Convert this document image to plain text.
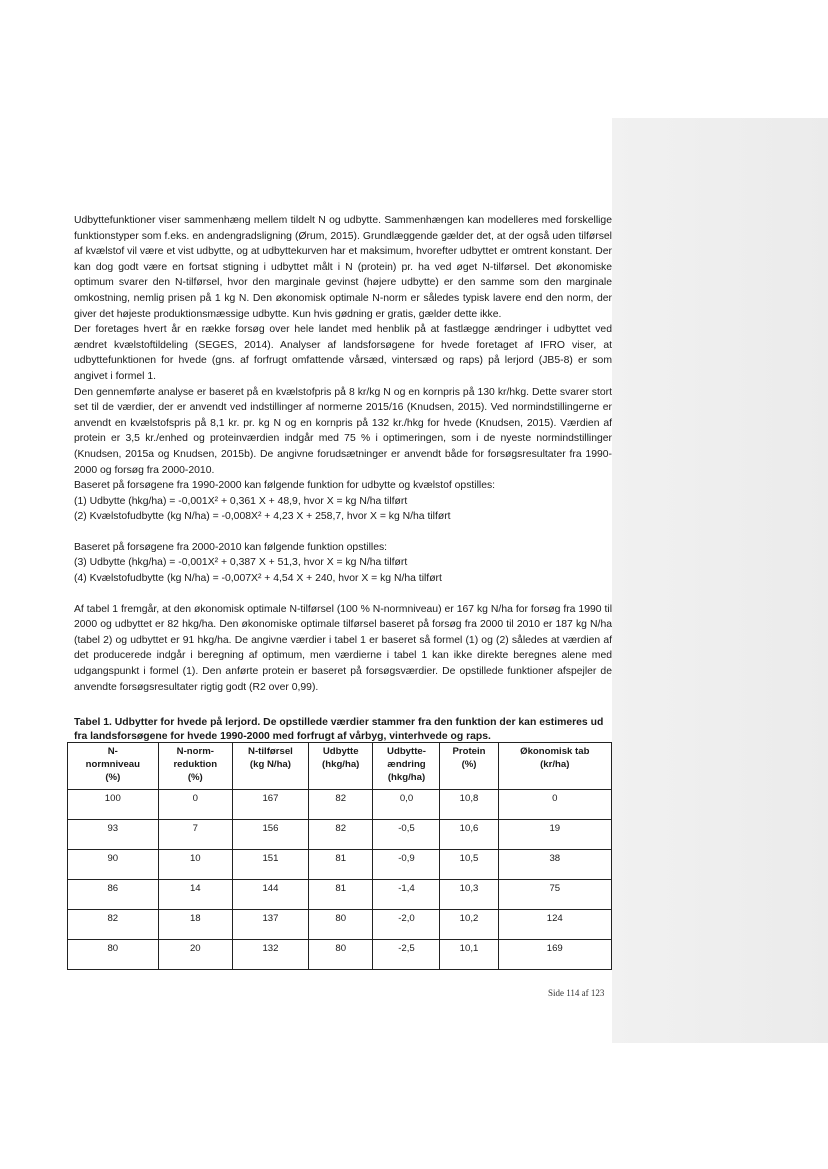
Udbyttefunktioner viser sammenhæng mellem tildelt N og udbytte. Sammenhængen kan modelleres med forskellige funktionstyper som f.eks. en andengradsligning (Ørum, 2015). Grundlæggende gælder det, at der også uden tilførsel af kvælstof vil være et vist udbytte, og at udbyttekurven har et maksimum, hvorefter udbyttet er omtrent konstant. Der kan dog godt være en fortsat stigning i udbyttet målt i N (protein) pr. ha ved øget N-tilførsel. Det økonomiske optimum svarer den N-tilførsel, hvor den marginale gevinst (højere udbytte) er den samme som den marginale omkostning, nemlig prisen på 1 kg N. Den økonomisk optimale N-norm er således typisk lavere end den norm, der giver det højeste produktionsmæssige udbytte. Kun hvis gødning er gratis, gælder dette ikke.

Der foretages hvert år en række forsøg over hele landet med henblik på at fastlægge ændringer i udbyttet ved ændret kvælstoftildeling (SEGES, 2014). Analyser af landsforsøgene for hvede foretaget af IFRO viser, at udbyttefunktionen for hvede (gns. af forfrugt omfattende vårsæd, vintersæd og raps) på lerjord (JB5-8) er som angivet i formel 1.

Den gennemførte analyse er baseret på en kvælstofpris på 8 kr/kg N og en kornpris på 130 kr/hkg. Dette svarer stort set til de værdier, der er anvendt ved indstillinger af normerne 2015/16 (Knudsen, 2015). Ved normindstillingerne er anvendt en kvælstofspris på 8,1 kr. pr. kg N og en kornpris på 132 kr./hkg for hvede (Knudsen, 2015). Værdien af protein er 3,5 kr./enhed og proteinværdien indgår med 75 % i optimeringen, som i de nyeste normindstillinger (Knudsen, 2015a og Knudsen, 2015b). De angivne forudsætninger er anvendt både for forsøgsresultater fra 1990-2000 og forsøg fra 2000-2010.

Baseret på forsøgene fra 1990-2000 kan følgende funktion for udbytte og kvælstof opstilles:

(1) Udbytte (hkg/ha) = -0,001X² + 0,361 X + 48,9, hvor X = kg N/ha tilført

(2) Kvælstofudbytte (kg N/ha) = -0,008X² + 4,23 X + 258,7, hvor X = kg N/ha tilført

Baseret på forsøgene fra 2000-2010 kan følgende funktion opstilles:

(3) Udbytte (hkg/ha) = -0,001X² + 0,387 X + 51,3, hvor X = kg N/ha tilført

(4) Kvælstofudbytte (kg N/ha) = -0,007X² + 4,54 X + 240, hvor X = kg N/ha tilført

Af tabel 1 fremgår, at den økonomisk optimale N-tilførsel (100 % N-normniveau) er 167 kg N/ha for forsøg fra 1990 til 2000 og udbyttet er 82 hkg/ha. Den økonomiske optimale tilførsel baseret på forsøg fra 2000 til 2010 er 187 kg N/ha (tabel 2) og udbyttet er 91 hkg/ha. De angivne værdier i tabel 1 er baseret så formel (1) og (2) således at værdien af det producerede indgår i beregning af optimum, men værdierne i tabel 1 kan ikke direkte beregnes alene med udgangspunkt i formel (1). Den anførte protein er baseret på forsøgsværdier. De opstillede funktioner afspejler de anvendte forsøgsresultater rigtig godt (R2 over 0,99).

Tabel 1. Udbytter for hvede på lerjord. De opstillede værdier stammer fra den funktion der kan estimeres ud fra landsforsøgene for hvede 1990-2000 med forfrugt af vårbyg, vinterhvede og raps.
N-
normniveau
(%)	N-norm-
reduktion
(%)	N-tilførsel
(kg N/ha)	Udbytte
(hkg/ha)	Udbytte-
ændring
(hkg/ha)	Protein
(%)	Økonomisk tab
(kr/ha)
100	0	167	82	0,0	10,8	0
93	7	156	82	-0,5	10,6	19
90	10	151	81	-0,9	10,5	38
86	14	144	81	-1,4	10,3	75
82	18	137	80	-2,0	10,2	124
80	20	132	80	-2,5	10,1	169
Side 114 af 123
